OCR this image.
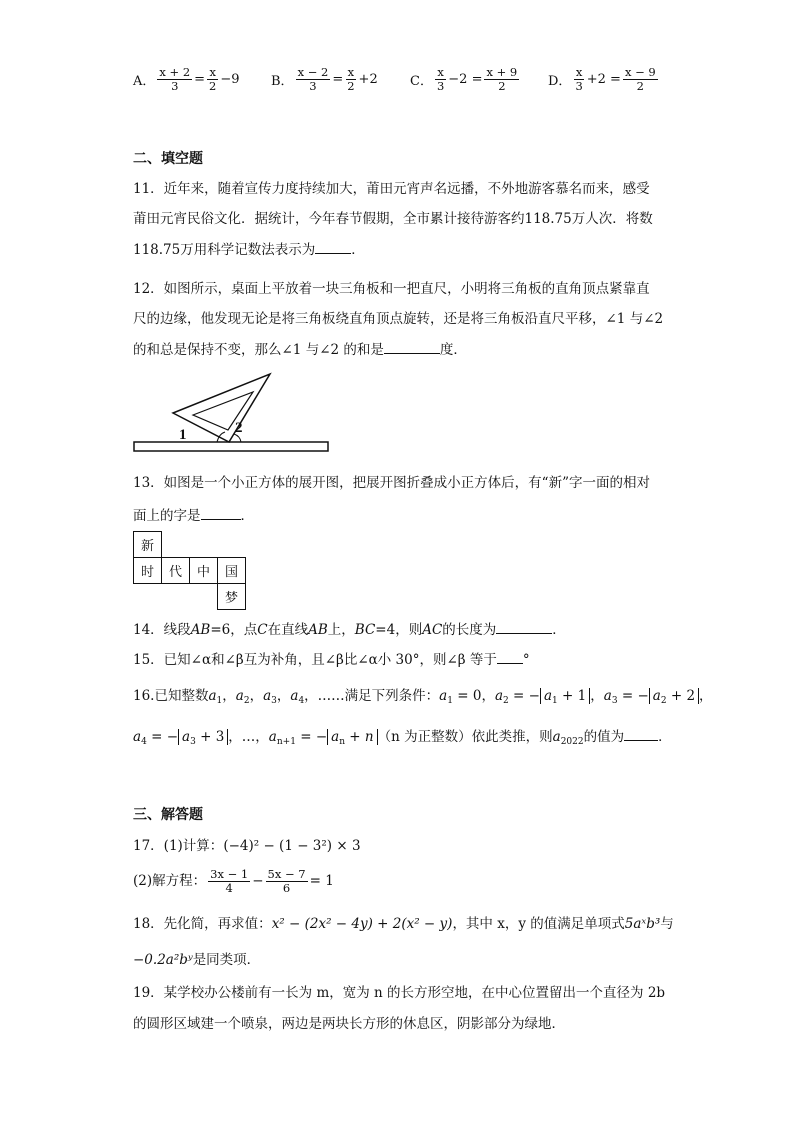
A． $\frac{x + 2}{3} = \frac{x}{2} -9$ B． $\frac{x - 2}{3} = \frac{x}{2} +2$ C． $\frac{x}{3} -2 = \frac{x + 9}{2}$ D． $\frac{x}{3} +2 = \frac{x - 9}{2}$
二、填空题
11．近年来，随着宣传力度持续加大，莆田元宵声名远播，不外地游客慕名而来，感受
莆田元宵民俗文化．据统计，今年春节假期，全市累计接待游客约118.75万人次．将数
118.75万用科学记数法表示为	．
12．如图所示，桌面上平放着一块三角板和一把直尺，小明将三角板的直角顶点紧靠直
尺的边缘，他发现无论是将三角板绕直角顶点旋转，还是将三角板沿直尺平移，∠1 与∠2
的和总是保持不变，那么∠1 与∠2 的和是	度．
1	2
13．如图是一个小正方体的展开图，把展开图折叠成小正方体后，有“新”字一面的相对
面上的字是	．
新			
时	代	中	国
			梦
14．线段AB=6，点C在直线AB上，BC=4，则AC的长度为	．
15．已知∠α和∠β互为补角，且∠β比∠α小 30°，则∠β 等于 °
16.已知整数$a_1$，$a_2$，$a_3$，$a_4$，……满足下列条件：$a_1 = 0$，$a_2$ = − $a_1 + 1$ ，$a_3$ = − $a_2 + 2$ ，
$a_4$ = − $a_3 + 3$ ，…，$a_{n+1}$ = − $a_n + n$ （n 为正整数）依此类推，则$a_{2022}$的值为	．
三、解答题
17．(1)计算：(−4)² − (1 − 3²) × 3
(2)解方程： $\frac{3x - 1}{4} - \frac{5x - 7}{6} = 1$
18．先化简，再求值：x² − (2x² − 4y) + 2(x² − y)，其中 x，y 的值满足单项式5aˣb³与
−0.2a²bʸ是同类项．
19．某学校办公楼前有一长为 m，宽为 n 的长方形空地，在中心位置留出一个直径为 2b
的圆形区域建一个喷泉，两边是两块长方形的休息区，阴影部分为绿地．
